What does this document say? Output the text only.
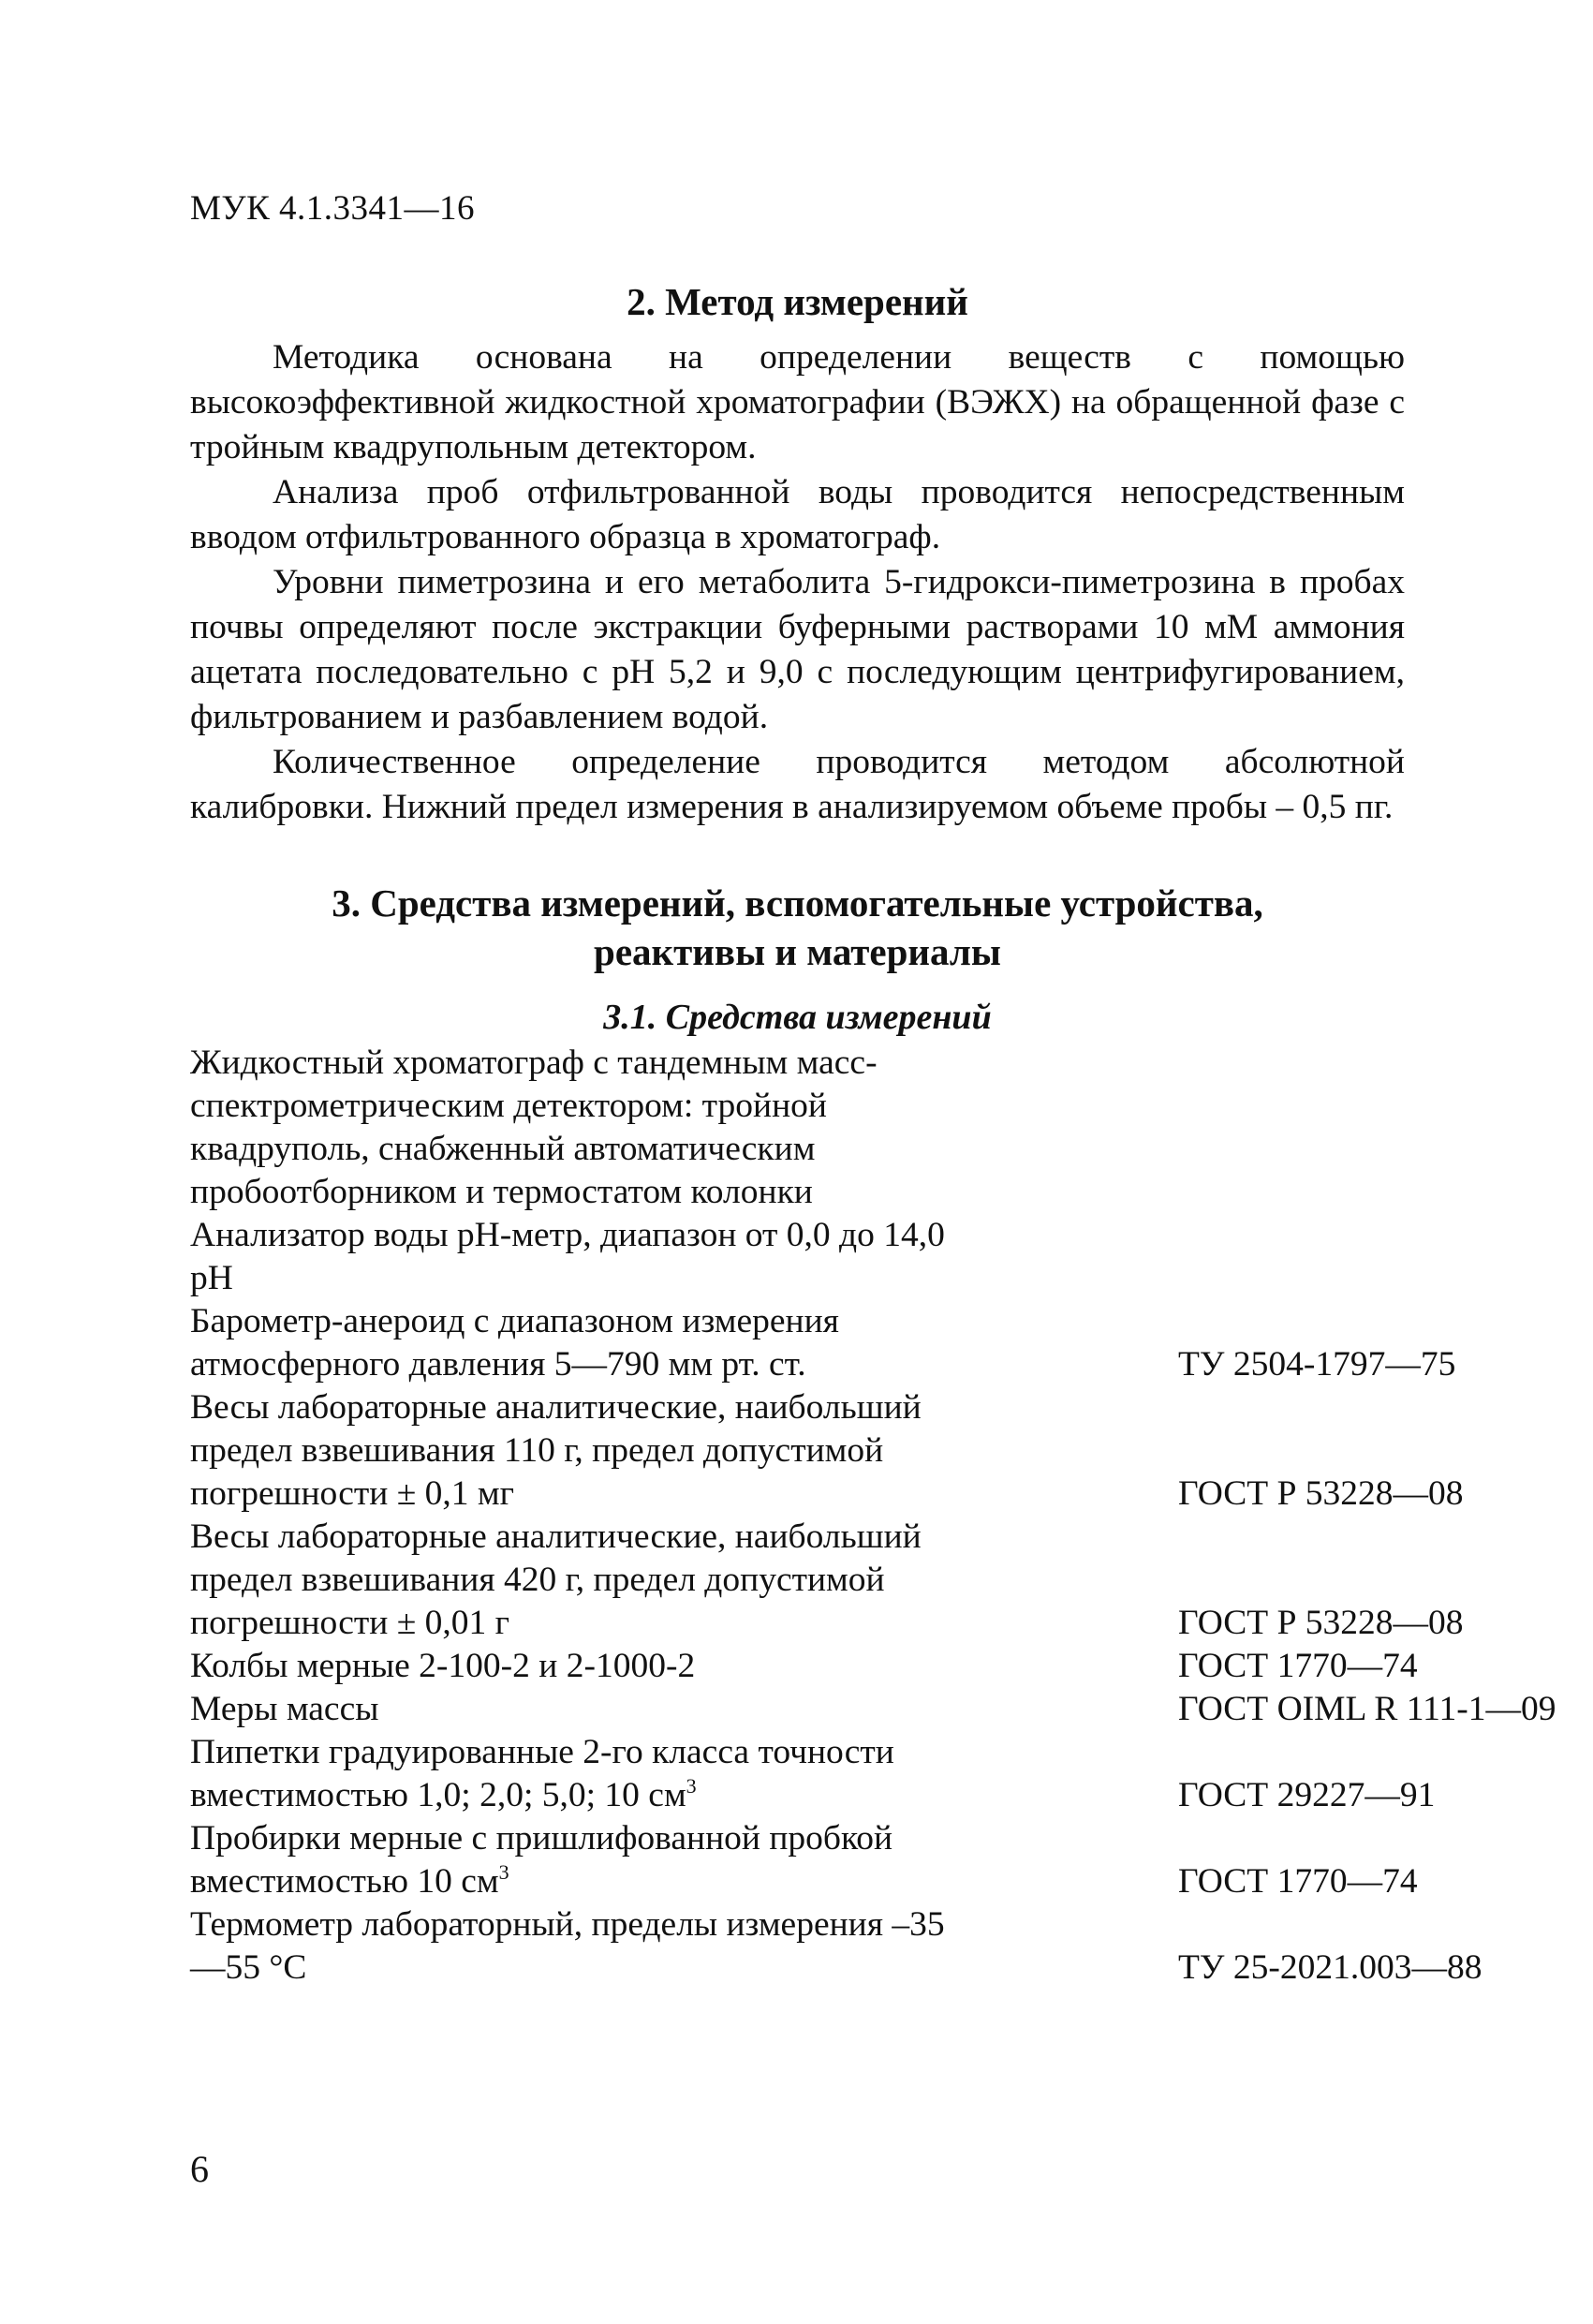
МУК 4.1.3341—16
2. Метод измерений

Методика основана на определении веществ с помощью высокоэффективной жидкостной хроматографии (ВЭЖХ) на обращенной фазе с тройным квадрупольным детектором.

Анализа проб отфильтрованной воды проводится непосредственным вводом отфильтрованного образца в хроматограф.

Уровни пиметрозина и его метаболита 5-гидрокси-пиметрозина в пробах почвы определяют после экстракции буферными растворами 10 мМ аммония ацетата последовательно с pH 5,2 и 9,0 с последующим центрифугированием, фильтрованием и разбавлением водой.

Количественное определение проводится методом абсолютной калибровки. Нижний предел измерения в анализируемом объеме пробы – 0,5 пг.

3. Средства измерений, вспомогательные устройства,
реактивы и материалы
3.1. Средства измерений
Жидкостный хроматограф с тандемным масс-спектрометрическим детектором: тройной квадруполь, снабженный автоматическим пробоотборником и термостатом колонки
Анализатор воды pH-метр, диапазон от 0,0 до 14,0 pH
Барометр-анероид с диапазоном измерения атмосферного давления 5—790 мм рт. ст.	ТУ 2504-1797—75
Весы лабораторные аналитические, наибольший предел взвешивания 110 г, предел допустимой погрешности ± 0,1 мг	ГОСТ Р 53228—08
Весы лабораторные аналитические, наибольший предел взвешивания 420 г, предел допустимой погрешности ± 0,01 г	ГОСТ Р 53228—08
Колбы мерные 2-100-2 и 2-1000-2	ГОСТ 1770—74
Меры массы	ГОСТ OIML R 111-1—09
Пипетки градуированные 2-го класса точности вместимостью 1,0; 2,0; 5,0; 10 $см^3$	ГОСТ 29227—91
Пробирки мерные с пришлифованной пробкой вместимостью 10 $см^3$	ГОСТ 1770—74
Термометр лабораторный, пределы измерения –35—55 °С	ТУ 25-2021.003—88
6
